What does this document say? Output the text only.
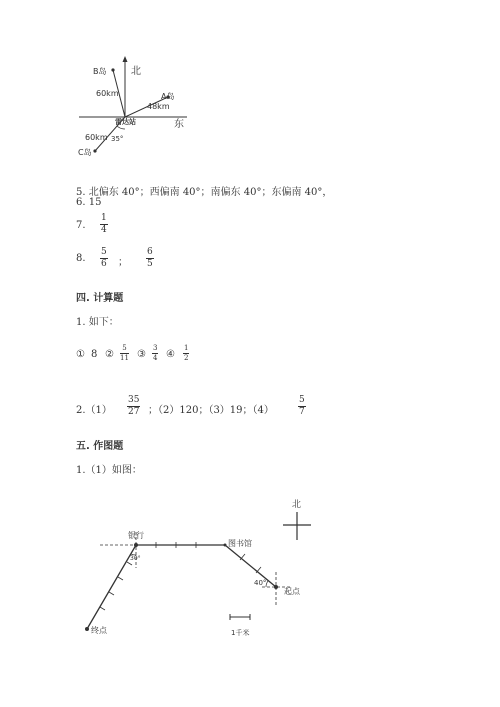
北
B岛
60km	A岛
48km
东
雷达站
60km 35°
C岛
5. 北偏东 40°；西偏南 40°；南偏东 40°；东偏南 40°，
6. 15
7. $\frac{1}{4}$
8. $\frac{5}{6}$ ； $\frac{6}{5}$
四. 计算题
1. 如下：
① 8 ② $\frac{5}{11}$ ③ $\frac{3}{4}$ ④ $\frac{1}{2}$
$2.(1) \frac{35}{27}$ ；（2）120；（3）19；（4）	$\frac{5}{7}$
五. 作图题
1.（1）如图：
北
银行
图书馆
30°
40°
起点
1千米
终点
